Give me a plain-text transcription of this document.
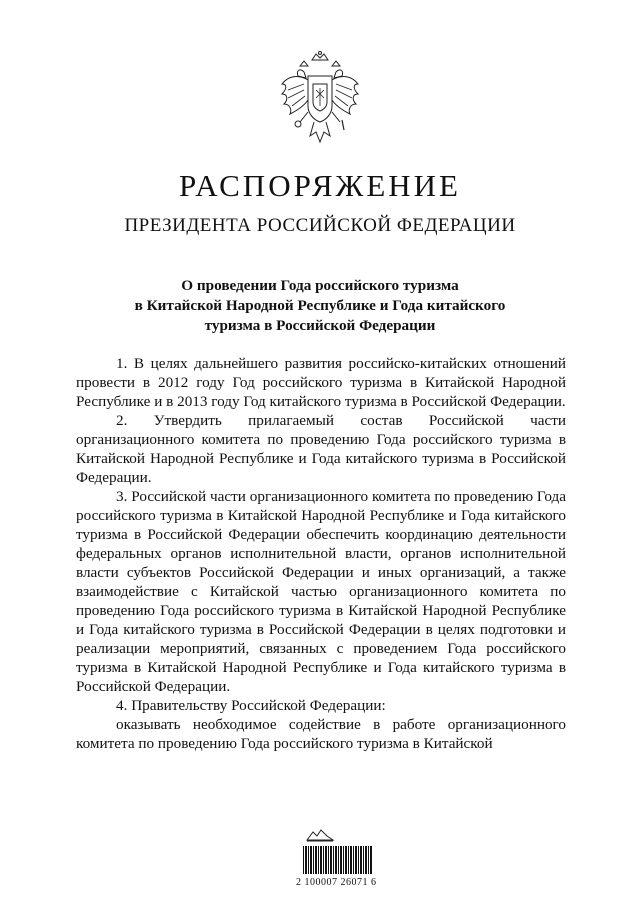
РАСПОРЯЖЕНИЕ
ПРЕЗИДЕНТА РОССИЙСКОЙ ФЕДЕРАЦИИ
О проведении Года российского туризма
в Китайской Народной Республике и Года китайского
туризма в Российской Федерации

1. В целях дальнейшего развития российско-китайских отношений провести в 2012 году Год российского туризма в Китайской Народной Республике и в 2013 году Год китайского туризма в Российской Федерации.

2. Утвердить прилагаемый состав Российской части организационного комитета по проведению Года российского туризма в Китайской Народной Республике и Года китайского туризма в Российской Федерации.

3. Российской части организационного комитета по проведению Года российского туризма в Китайской Народной Республике и Года китайского туризма в Российской Федерации обеспечить координацию деятельности федеральных органов исполнительной власти, органов исполнительной власти субъектов Российской Федерации и иных организаций, а также взаимодействие с Китайской частью организационного комитета по проведению Года российского туризма в Китайской Народной Республике и Года китайского туризма в Российской Федерации в целях подготовки и реализации мероприятий, связанных с проведением Года российского туризма в Китайской Народной Республике и Года китайского туризма в Российской Федерации.

4. Правительству Российской Федерации:

оказывать необходимое содействие в работе организационного комитета по проведению Года российского туризма в Китайской

2 100007 26071 6
